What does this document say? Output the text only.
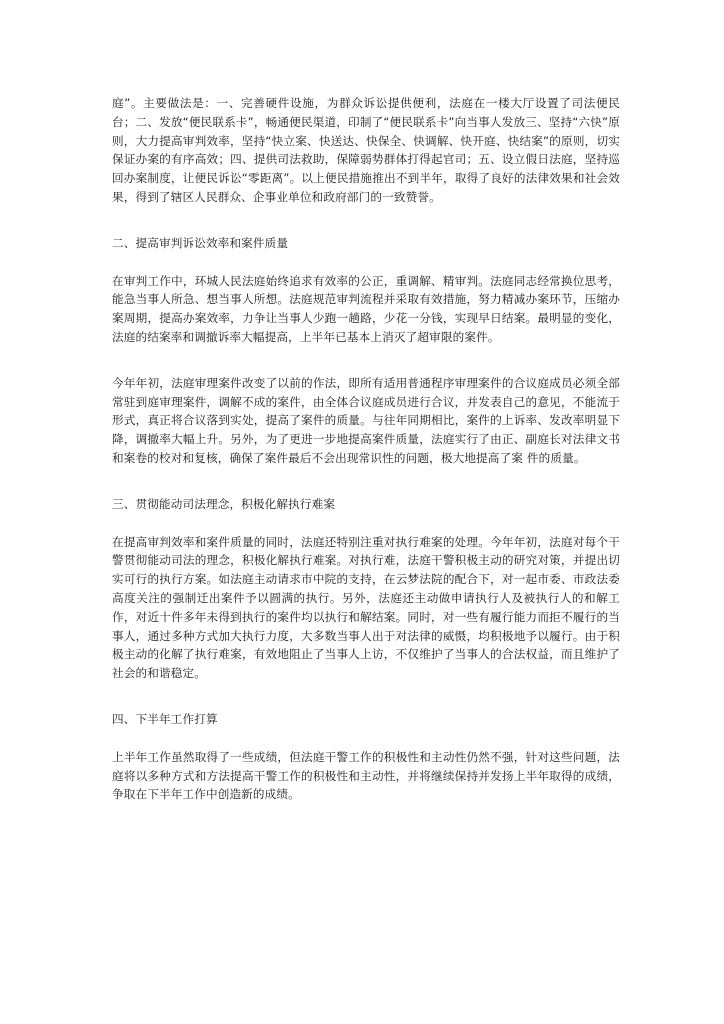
庭”。主要做法是：一、完善硬件设施，为群众诉讼提供便利，法庭在一楼大厅设置了司法便民台；二、发放“便民联系卡”，畅通便民渠道，印制了“便民联系卡”向当事人发放三、坚持“六快”原则，大力提高审判效率，坚持“快立案、快送达、快保全、快调解、快开庭、快结案”的原则，切实保证办案的有序高效；四、提供司法救助，保障弱势群体打得起官司；五、设立假日法庭，坚持巡回办案制度，让便民诉讼“零距离”。以上便民措施推出不到半年，取得了良好的法律效果和社会效果，得到了辖区人民群众、企事业单位和政府部门的一致赞誉。

二、提高审判诉讼效率和案件质量

在审判工作中，环城人民法庭始终追求有效率的公正，重调解、精审判。法庭同志经常换位思考，能急当事人所急、想当事人所想。法庭规范审判流程并采取有效措施，努力精减办案环节，压缩办案周期，提高办案效率，力争让当事人少跑一趟路，少花一分钱，实现早日结案。最明显的变化，法庭的结案率和调撤诉率大幅提高，上半年已基本上消灭了超审限的案件。

今年年初，法庭审理案件改变了以前的作法，即所有适用普通程序审理案件的合议庭成员必须全部常驻到庭审理案件，调解不成的案件，由全体合议庭成员进行合议，并发表自己的意见，不能流于形式，真正将合议落到实处，提高了案件的质量。与往年同期相比，案件的上诉率、发改率明显下降，调撤率大幅上升。另外，为了更进一步地提高案件质量，法庭实行了由正、副庭长对法律文书和案卷的校对和复核，确保了案件最后不会出现常识性的问题，极大地提高了案 件的质量。

三、贯彻能动司法理念，积极化解执行难案

在提高审判效率和案件质量的同时，法庭还特别注重对执行难案的处理。今年年初，法庭对每个干警贯彻能动司法的理念，积极化解执行难案。对执行难，法庭干警积极主动的研究对策，并提出切实可行的执行方案。如法庭主动请求市中院的支持，在云梦法院的配合下，对一起市委、市政法委高度关注的强制迁出案件予以圆满的执行。另外，法庭还主动做申请执行人及被执行人的和解工作，对近十件多年未得到执行的案件均以执行和解结案。同时，对一些有履行能力而拒不履行的当事人，通过多种方式加大执行力度，大多数当事人出于对法律的威慑，均积极地予以履行。由于积极主动的化解了执行难案，有效地阻止了当事人上访，不仅维护了当事人的合法权益，而且维护了社会的和谐稳定。

四、下半年工作打算

上半年工作虽然取得了一些成绩，但法庭干警工作的积极性和主动性仍然不强，针对这些问题，法庭将以多种方式和方法提高干警工作的积极性和主动性，并将继续保持并发扬上半年取得的成绩，争取在下半年工作中创造新的成绩。
